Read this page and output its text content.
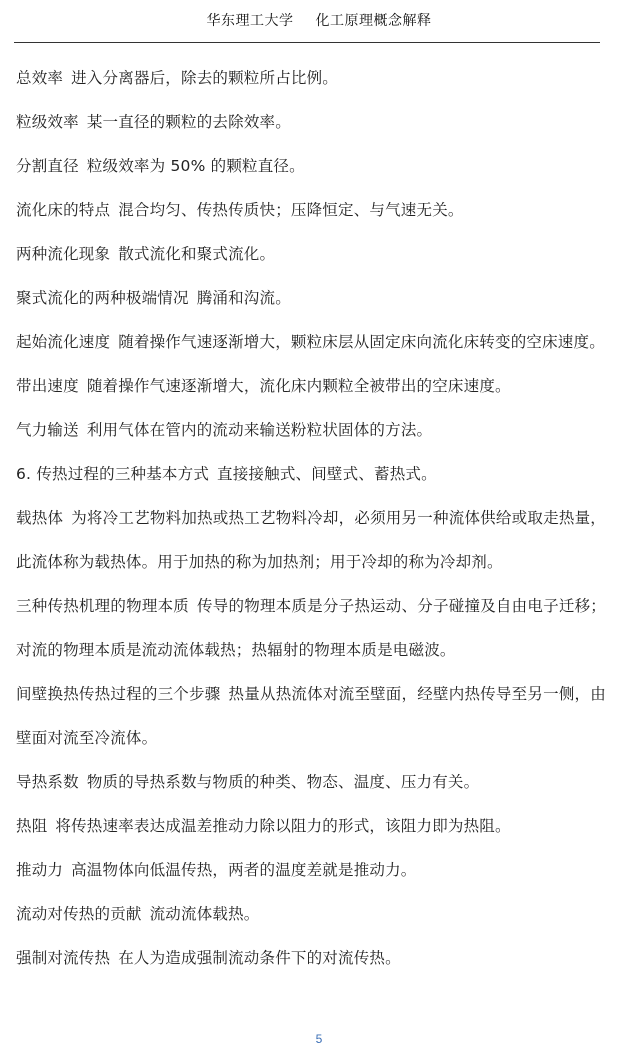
华东理工大学 化工原理概念解释

总效率 进入分离器后，除去的颗粒所占比例。

粒级效率 某一直径的颗粒的去除效率。

分割直径 粒级效率为 50% 的颗粒直径。

流化床的特点 混合均匀、传热传质快；压降恒定、与气速无关。

两种流化现象 散式流化和聚式流化。

聚式流化的两种极端情况 腾涌和沟流。

起始流化速度 随着操作气速逐渐增大，颗粒床层从固定床向流化床转变的空床速度。

带出速度 随着操作气速逐渐增大，流化床内颗粒全被带出的空床速度。

气力输送 利用气体在管内的流动来输送粉粒状固体的方法。

6. 传热过程的三种基本方式 直接接触式、间壁式、蓄热式。

载热体 为将冷工艺物料加热或热工艺物料冷却，必须用另一种流体供给或取走热量，此流体称为载热体。用于加热的称为加热剂；用于冷却的称为冷却剂。

三种传热机理的物理本质 传导的物理本质是分子热运动、分子碰撞及自由电子迁移；对流的物理本质是流动流体载热；热辐射的物理本质是电磁波。

间壁换热传热过程的三个步骤 热量从热流体对流至壁面，经壁内热传导至另一侧，由壁面对流至冷流体。

导热系数 物质的导热系数与物质的种类、物态、温度、压力有关。

热阻 将传热速率表达成温差推动力除以阻力的形式，该阻力即为热阻。

推动力 高温物体向低温传热，两者的温度差就是推动力。

流动对传热的贡献 流动流体载热。

强制对流传热 在人为造成强制流动条件下的对流传热。

5
